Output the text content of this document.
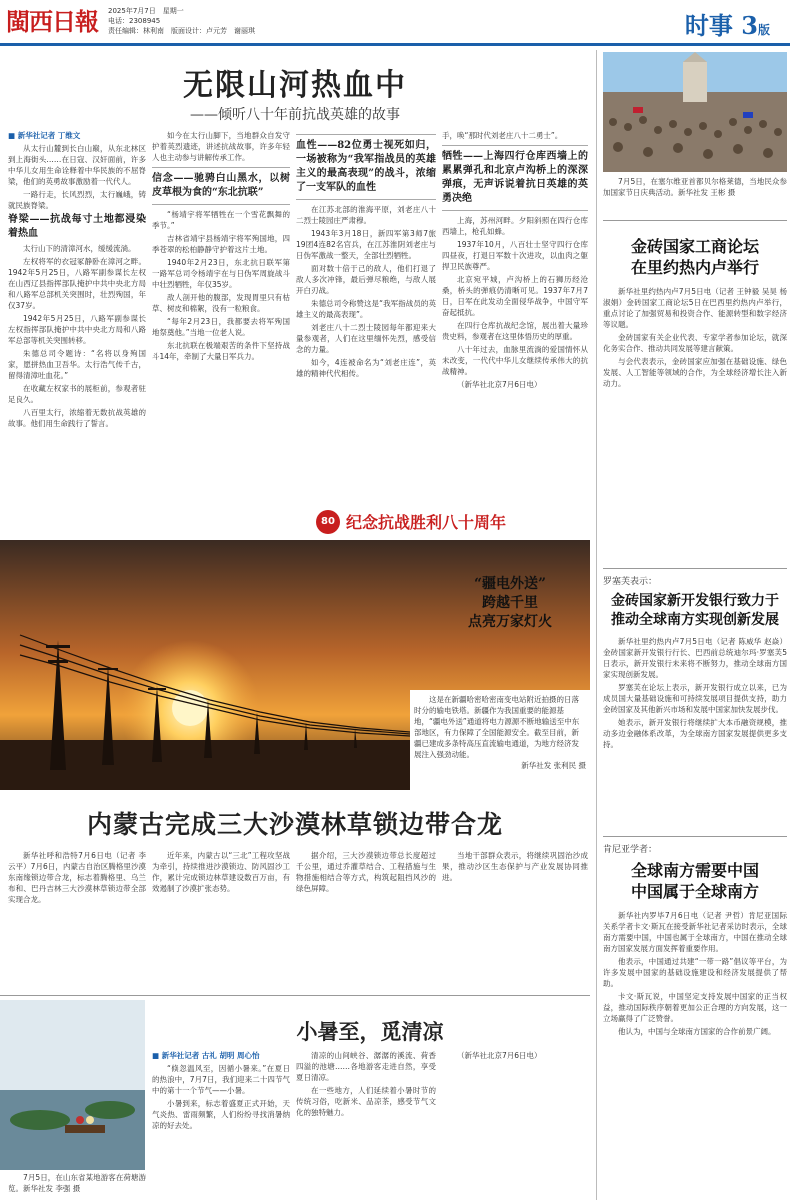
閩西日報 2025年7月7日　星期一
电话：2308945
责任编辑：林利南　版面设计：卢元芳　谢丽琪	时事 3版
无限山河热血中
——倾听八十年前抗战英雄的故事

■ 新华社记者 丁维文

从太行山麓到长白山巅，从东北林区到上海街头……在日寇、汉奸面前，许多中华儿女用生命诠释着中华民族的不屈脊梁，他们的英勇故事激励着一代代人。

一路行走，长风烈烈，太行巍峨，铸就民族脊梁。

脊梁——抗战每寸土地都浸染着热血

太行山下的清漳河水，缓缓流淌。

左权将军的衣冠冢静卧在漳河之畔。1942年5月25日，八路军副参谋长左权在山西辽县指挥部队掩护中共中央北方局和八路军总部机关突围时，壮烈殉国，年仅37岁。

1942年5月25日，八路军副参谋长左权指挥部队掩护中共中央北方局和八路军总部等机关突围转移。

朱德总司令题诗：“名将以身殉国家，愿拼热血卫吾华。太行浩气传千古，留得清漳吐血花。”

在收藏左权家书的展柜前，参观者驻足良久。

八百里太行，浓缩着无数抗战英雄的故事。他们用生命践行了誓言。

如今在太行山脚下，当地群众自发守护着英烈遗迹，讲述抗战故事，许多年轻人也主动参与讲解传承工作。

信念——驰骋白山黑水，以树皮草根为食的“东北抗联”

“杨靖宇将军牺牲在一个雪花飘舞的季节。”

吉林省靖宇县杨靖宇将军殉国地，四季苍翠的松柏静静守护着这片土地。

1940年2月23日，东北抗日联军第一路军总司令杨靖宇在与日伪军周旋战斗中壮烈牺牲，年仅35岁。

敌人剖开他的腹部，发现胃里只有枯草、树皮和棉絮，没有一粒粮食。

“每年2月23日，我都要去将军殉国地祭奠他。”当地一位老人说。

东北抗联在极端艰苦的条件下坚持战斗14年，牵制了大量日军兵力。

血性——82位勇士视死如归，一场被称为“我军指战员的英雄主义的最高表现”的战斗，浓缩了一支军队的血性

在江苏北部的淮海平原，刘老庄八十二烈士陵园庄严肃穆。

1943年3月18日，新四军第3师7旅19团4连82名官兵，在江苏淮阴刘老庄与日伪军激战一整天，全部壮烈牺牲。

面对数十倍于己的敌人，他们打退了敌人多次冲锋，最后弹尽粮绝，与敌人展开白刃战。

朱德总司令称赞这是“我军指战员的英雄主义的最高表现”。

刘老庄八十二烈士陵园每年都迎来大量参观者，人们在这里缅怀先烈，感受信念的力量。

如今，4连被命名为“刘老庄连”，英雄的精神代代相传。

手，唤“那时代刘老庄八十二勇士”。

牺牲——上海四行仓库西墙上的累累弹孔和北京卢沟桥上的深深弹痕，无声诉说着抗日英雄的英勇决绝

上海，苏州河畔。夕阳斜照在四行仓库西墙上，枪孔如蜂。

1937年10月，八百壮士坚守四行仓库四昼夜，打退日军数十次进攻，以血肉之躯捍卫民族尊严。

北京宛平城，卢沟桥上的石狮历经沧桑，桥头的弹痕仍清晰可见。1937年7月7日，日军在此发动全面侵华战争，中国守军奋起抵抗。

在四行仓库抗战纪念馆，展出着大量珍贵史料，参观者在这里体悟历史的厚重。

八十年过去，血脉里流淌的爱国情怀从未改变，一代代中华儿女继续传承伟大的抗战精神。

（新华社北京7月6日电）

80 纪念抗战胜利八十周年
“疆电外送”
跨越千里
点亮万家灯火

这是在新疆哈密哈密南变电站附近拍摄的日落时分的输电铁塔。新疆作为我国重要的能源基地，“疆电外送”通道将电力源源不断地输送至中东部地区，有力保障了全国能源安全。截至目前，新疆已建成多条特高压直流输电通道，为地方经济发展注入强劲动能。

新华社发 张利民 摄

内蒙古完成三大沙漠林草锁边带合龙

新华社呼和浩特7月6日电（记者 李云平）7月6日，内蒙古自治区腾格里沙漠东南缘锁边带合龙，标志着腾格里、乌兰布和、巴丹吉林三大沙漠林草锁边带全部实现合龙。

近年来，内蒙古以“三北”工程攻坚战为牵引，持续推进沙漠锁边、防风固沙工作，累计完成锁边林草建设数百万亩，有效遏制了沙漠扩张态势。

据介绍，三大沙漠锁边带总长度超过千公里，通过乔灌草结合、工程措施与生物措施相结合等方式，构筑起阻挡风沙的绿色屏障。

当地干部群众表示，将继续巩固治沙成果，推动沙区生态保护与产业发展协同推进。

7月5日，在山东省某地游客在荷塘游览。新华社发 李强 摄

小暑至，觅清凉

■ 新华社记者 古礼 胡明 周心怡

“倏忽温风至，因循小暑来。”在夏日的热浪中，7月7日，我们迎来二十四节气中的第十一个节气——小暑。

小暑到来，标志着盛夏正式开始，天气炎热、雷雨频繁，人们纷纷寻找消暑纳凉的好去处。

清凉的山间峡谷、潺潺的溪流、荷香四溢的池塘……各地游客走进自然，享受夏日清凉。

在一些地方，人们延续着小暑时节的传统习俗，吃新米、品凉茶，感受节气文化的独特魅力。

（新华社北京7月6日电）

7月5日，在塞尔维亚首都贝尔格莱德，当地民众参加国家节日庆典活动。新华社发 王彬 摄

金砖国家工商论坛
在里约热内卢举行

新华社里约热内卢7月5日电（记者 王钟毅 吴昊 杨淑娟）金砖国家工商论坛5日在巴西里约热内卢举行，重点讨论了加强贸易和投资合作、能源转型和数字经济等议题。

金砖国家有关企业代表、专家学者参加论坛，就深化务实合作、推动共同发展等建言献策。

与会代表表示，金砖国家应加强在基础设施、绿色发展、人工智能等领域的合作，为全球经济增长注入新动力。

罗塞芙表示：
金砖国家新开发银行致力于
推动全球南方实现创新发展

新华社里约热内卢7月5日电（记者 陈威华 赵焱）金砖国家新开发银行行长、巴西前总统迪尔玛·罗塞芙5日表示，新开发银行未来将不断努力，推动全球南方国家实现创新发展。

罗塞芙在论坛上表示，新开发银行成立以来，已为成员国大量基础设施和可持续发展项目提供支持，助力金砖国家及其他新兴市场和发展中国家加快发展步伐。

她表示，新开发银行将继续扩大本币融资规模，推动多边金融体系改革，为全球南方国家发展提供更多支持。

肯尼亚学者：
全球南方需要中国
中国属于全球南方

新华社内罗毕7月6日电（记者 尹哲）肯尼亚国际关系学者卡文·斯瓦在接受新华社记者采访时表示，全球南方需要中国，中国也属于全球南方，中国在推动全球南方国家发展方面发挥着重要作用。

他表示，中国通过共建“一带一路”倡议等平台，为许多发展中国家的基础设施建设和经济发展提供了帮助。

卡文·斯瓦说，中国坚定支持发展中国家的正当权益，推动国际秩序朝着更加公正合理的方向发展，这一立场赢得了广泛赞誉。

他认为，中国与全球南方国家的合作前景广阔。
